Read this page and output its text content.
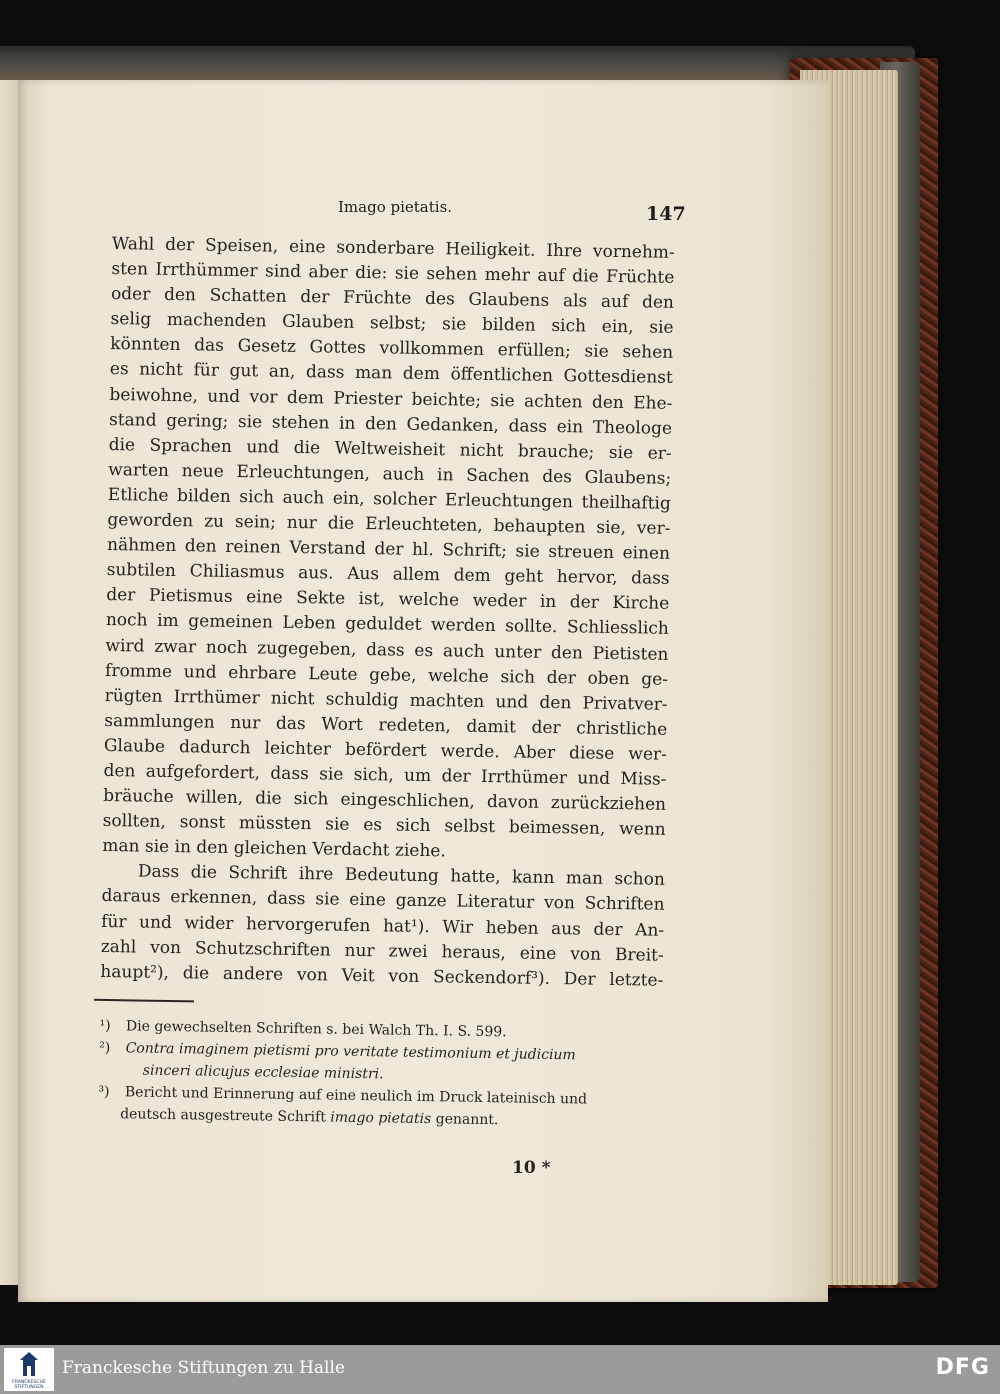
Imago pietatis.	147
Wahl der Speisen, eine sonderbare Heiligkeit. Ihre vornehm-
sten Irrthümmer sind aber die: sie sehen mehr auf die Früchte
oder den Schatten der Früchte des Glaubens als auf den
selig machenden Glauben selbst; sie bilden sich ein, sie
könnten das Gesetz Gottes vollkommen erfüllen; sie sehen
es nicht für gut an, dass man dem öffentlichen Gottesdienst
beiwohne, und vor dem Priester beichte; sie achten den Ehe-
stand gering; sie stehen in den Gedanken, dass ein Theologe
die Sprachen und die Weltweisheit nicht brauche; sie er-
warten neue Erleuchtungen, auch in Sachen des Glaubens;
Etliche bilden sich auch ein, solcher Erleuchtungen theilhaftig
geworden zu sein; nur die Erleuchteten, behaupten sie, ver-
nähmen den reinen Verstand der hl. Schrift; sie streuen einen
subtilen Chiliasmus aus. Aus allem dem geht hervor, dass
der Pietismus eine Sekte ist, welche weder in der Kirche
noch im gemeinen Leben geduldet werden sollte. Schliesslich
wird zwar noch zugegeben, dass es auch unter den Pietisten
fromme und ehrbare Leute gebe, welche sich der oben ge-
rügten Irrthümer nicht schuldig machten und den Privatver-
sammlungen nur das Wort redeten, damit der christliche
Glaube dadurch leichter befördert werde. Aber diese wer-
den aufgefordert, dass sie sich, um der Irrthümer und Miss-
bräuche willen, die sich eingeschlichen, davon zurückziehen
sollten, sonst müssten sie es sich selbst beimessen, wenn
man sie in den gleichen Verdacht ziehe.
Dass die Schrift ihre Bedeutung hatte, kann man schon
daraus erkennen, dass sie eine ganze Literatur von Schriften
für und wider hervorgerufen hat¹). Wir heben aus der An-
zahl von Schutzschriften nur zwei heraus, eine von Breit-
haupt²), die andere von Veit von Seckendorf³). Der letzte-
¹) Die gewechselten Schriften s. bei Walch Th. I. S. 599.
²) Contra imaginem pietismi pro veritate testimonium et judicium
sinceri alicujus ecclesiae ministri.
³) Bericht und Erinnerung auf eine neulich im Druck lateinisch und
deutsch ausgestreute Schrift imago pietatis genannt.
10 *
FRANCKESCHE
STIFTUNGEN
Franckesche Stiftungen zu Halle	DFG
